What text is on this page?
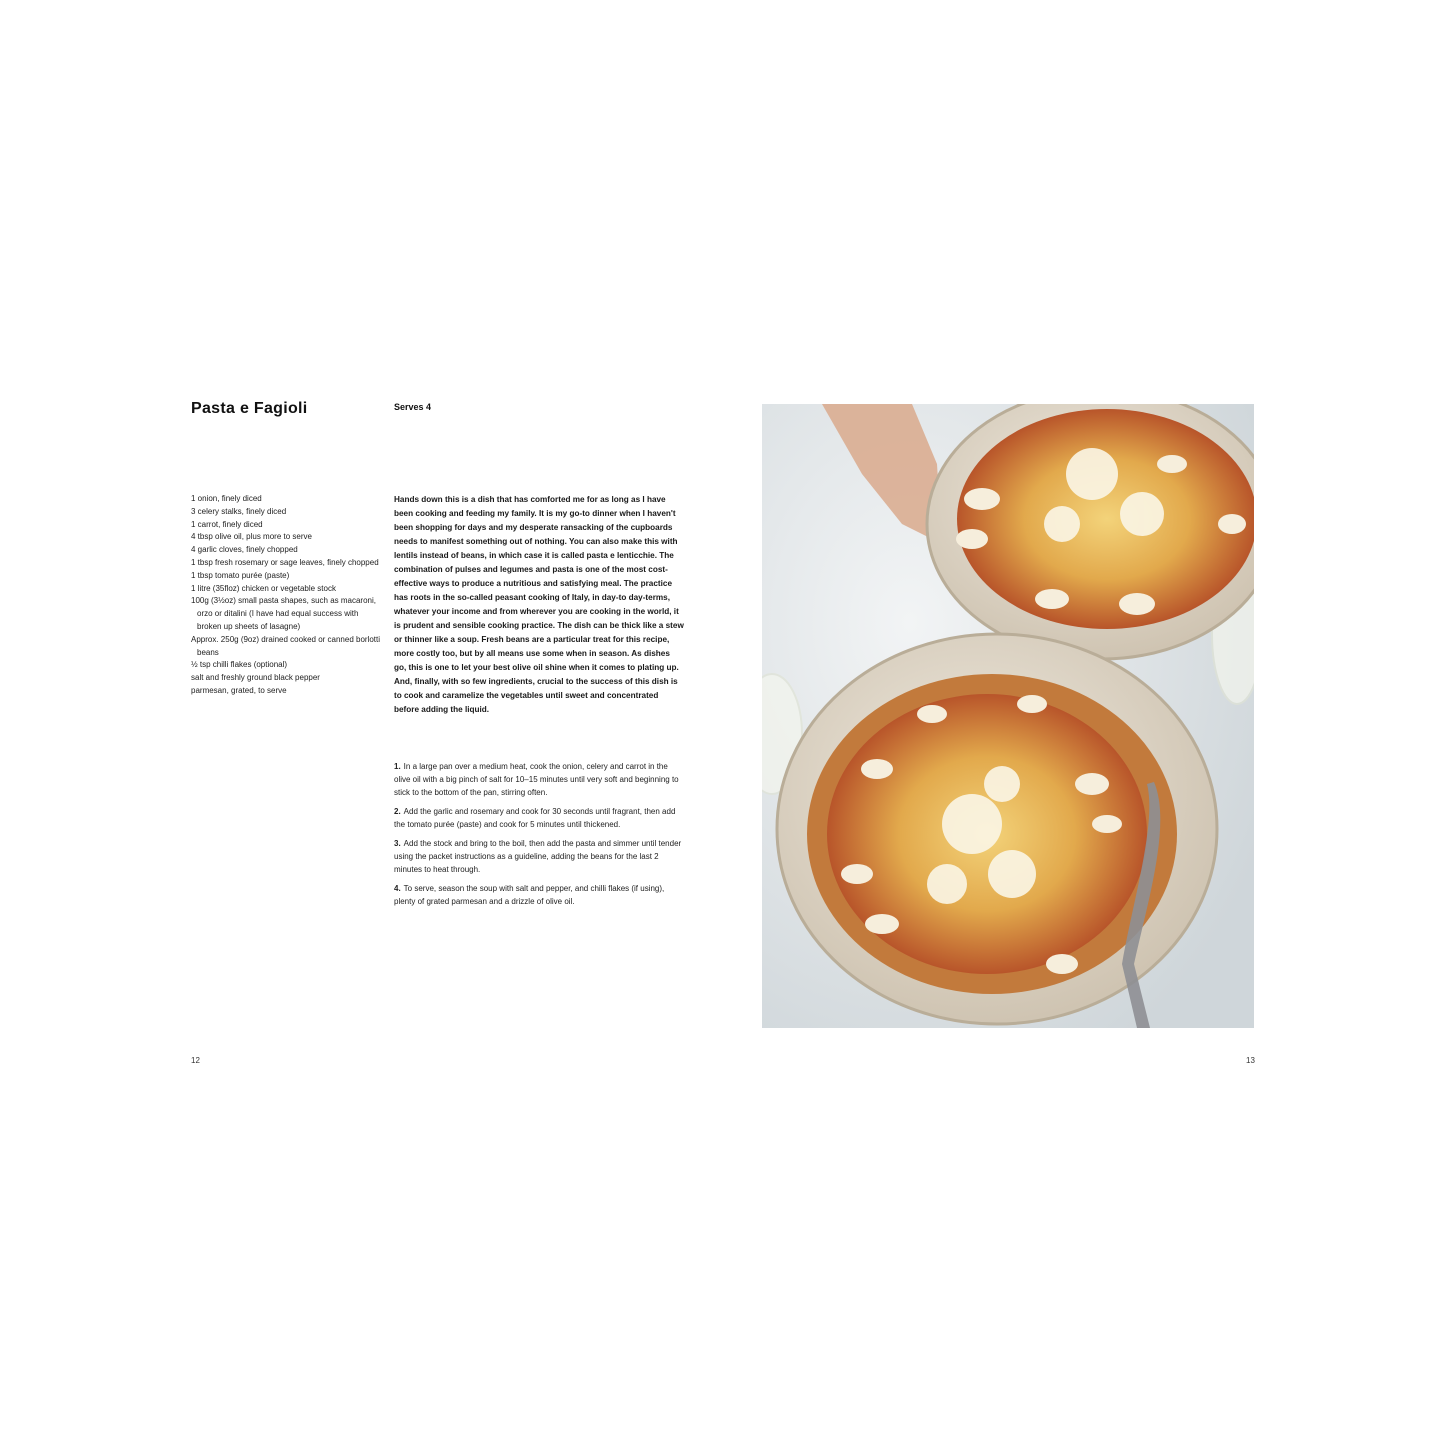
Pasta e Fagioli	Serves 4

1 onion, finely diced
3 celery stalks, finely diced
1 carrot, finely diced
4 tbsp olive oil, plus more to serve
4 garlic cloves, finely chopped
1 tbsp fresh rosemary or sage leaves, finely chopped
1 tbsp tomato purée (paste)
1 litre (35floz) chicken or vegetable stock
100g (3½oz) small pasta shapes, such as macaroni, orzo or ditalini (I have had equal success with broken up sheets of lasagne)
Approx. 250g (9oz) drained cooked or canned borlotti beans
½ tsp chilli flakes (optional)
salt and freshly ground black pepper
parmesan, grated, to serve

Hands down this is a dish that has comforted me for as long as I have been cooking and feeding my family. It is my go-to dinner when I haven't been shopping for days and my desperate ransacking of the cupboards needs to manifest something out of nothing. You can also make this with lentils instead of beans, in which case it is called pasta e lenticchie. The combination of pulses and legumes and pasta is one of the most cost-effective ways to produce a nutritious and satisfying meal. The practice has roots in the so-called peasant cooking of Italy, in day-to day-terms, whatever your income and from wherever you are cooking in the world, it is prudent and sensible cooking practice. The dish can be thick like a stew or thinner like a soup. Fresh beans are a particular treat for this recipe, more costly too, but by all means use some when in season. As dishes go, this is one to let your best olive oil shine when it comes to plating up. And, finally, with so few ingredients, crucial to the success of this dish is to cook and caramelize the vegetables until sweet and concentrated before adding the liquid.

1. In a large pan over a medium heat, cook the onion, celery and carrot in the olive oil with a big pinch of salt for 10–15 minutes until very soft and beginning to stick to the bottom of the pan, stirring often.
2. Add the garlic and rosemary and cook for 30 seconds until fragrant, then add the tomato purée (paste) and cook for 5 minutes until thickened.
3. Add the stock and bring to the boil, then add the pasta and simmer until tender using the packet instructions as a guideline, adding the beans for the last 2 minutes to heat through.
4. To serve, season the soup with salt and pepper, and chilli flakes (if using), plenty of grated parmesan and a drizzle of olive oil.
12	13
